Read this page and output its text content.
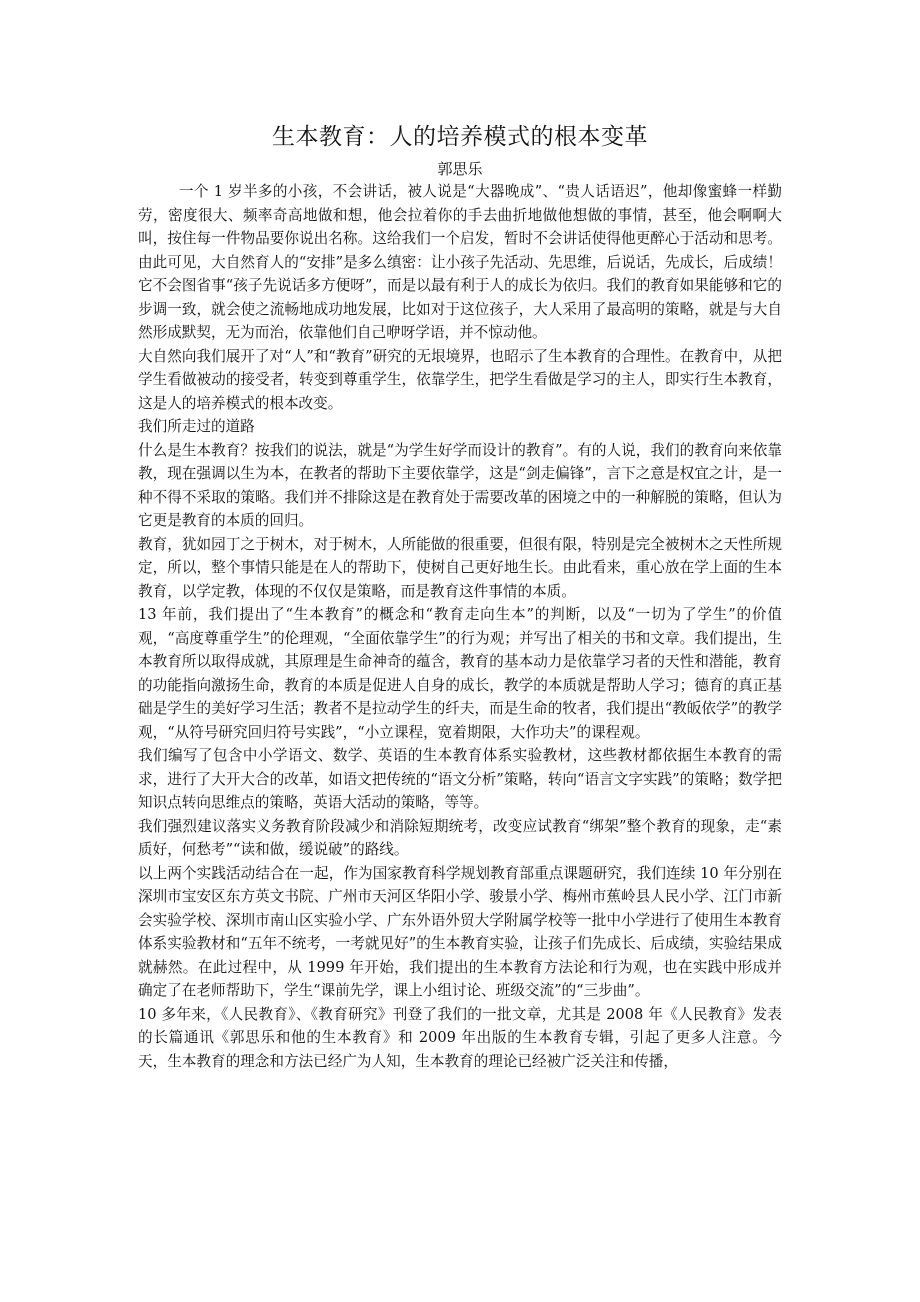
生本教育：人的培养模式的根本变革
郭思乐

一个 1 岁半多的小孩，不会讲话，被人说是“大器晚成”、“贵人话语迟”，他却像蜜蜂一样勤劳，密度很大、频率奇高地做和想，他会拉着你的手去曲折地做他想做的事情，甚至，他会啊啊大叫，按住每一件物品要你说出名称。这给我们一个启发，暂时不会讲话使得他更醉心于活动和思考。由此可见，大自然育人的“安排”是多么缜密：让小孩子先活动、先思维，后说话，先成长，后成绩！它不会图省事“孩子先说话多方便呀”，而是以最有利于人的成长为依归。我们的教育如果能够和它的步调一致，就会使之流畅地成功地发展，比如对于这位孩子，大人采用了最高明的策略，就是与大自然形成默契，无为而治，依靠他们自己咿呀学语，并不惊动他。

大自然向我们展开了对“人”和“教育”研究的无垠境界，也昭示了生本教育的合理性。在教育中，从把学生看做被动的接受者，转变到尊重学生，依靠学生，把学生看做是学习的主人，即实行生本教育，这是人的培养模式的根本改变。

我们所走过的道路

什么是生本教育？按我们的说法，就是“为学生好学而设计的教育”。有的人说，我们的教育向来依靠教，现在强调以生为本，在教者的帮助下主要依靠学，这是“剑走偏锋”，言下之意是权宜之计，是一种不得不采取的策略。我们并不排除这是在教育处于需要改革的困境之中的一种解脱的策略，但认为它更是教育的本质的回归。

教育，犹如园丁之于树木，对于树木，人所能做的很重要，但很有限，特别是完全被树木之天性所规定，所以，整个事情只能是在人的帮助下，使树自己更好地生长。由此看来，重心放在学上面的生本教育，以学定教，体现的不仅仅是策略，而是教育这件事情的本质。

13 年前，我们提出了“生本教育”的概念和“教育走向生本”的判断，以及“一切为了学生”的价值观，“高度尊重学生”的伦理观，“全面依靠学生”的行为观；并写出了相关的书和文章。我们提出，生本教育所以取得成就，其原理是生命神奇的蕴含，教育的基本动力是依靠学习者的天性和潜能，教育的功能指向激扬生命，教育的本质是促进人自身的成长，教学的本质就是帮助人学习；德育的真正基础是学生的美好学习生活；教者不是拉动学生的纤夫，而是生命的牧者，我们提出“教皈依学”的教学观，“从符号研究回归符号实践”，“小立课程，宽着期限，大作功夫”的课程观。

我们编写了包含中小学语文、数学、英语的生本教育体系实验教材，这些教材都依据生本教育的需求，进行了大开大合的改革，如语文把传统的“语文分析”策略，转向“语言文字实践”的策略；数学把知识点转向思维点的策略，英语大活动的策略，等等。

我们强烈建议落实义务教育阶段减少和消除短期统考，改变应试教育“绑架”整个教育的现象，走“素质好，何愁考”“读和做，缓说破”的路线。

以上两个实践活动结合在一起，作为国家教育科学规划教育部重点课题研究，我们连续 10 年分别在深圳市宝安区东方英文书院、广州市天河区华阳小学、骏景小学、梅州市蕉岭县人民小学、江门市新会实验学校、深圳市南山区实验小学、广东外语外贸大学附属学校等一批中小学进行了使用生本教育体系实验教材和“五年不统考，一考就见好”的生本教育实验，让孩子们先成长、后成绩，实验结果成就赫然。在此过程中，从 1999 年开始，我们提出的生本教育方法论和行为观，也在实践中形成并确定了在老师帮助下，学生“课前先学，课上小组讨论、班级交流”的“三步曲”。

10 多年来，《人民教育》、《教育研究》刊登了我们的一批文章，尤其是 2008 年《人民教育》发表的长篇通讯《郭思乐和他的生本教育》和 2009 年出版的生本教育专辑，引起了更多人注意。今天，生本教育的理念和方法已经广为人知，生本教育的理论已经被广泛关注和传播，
